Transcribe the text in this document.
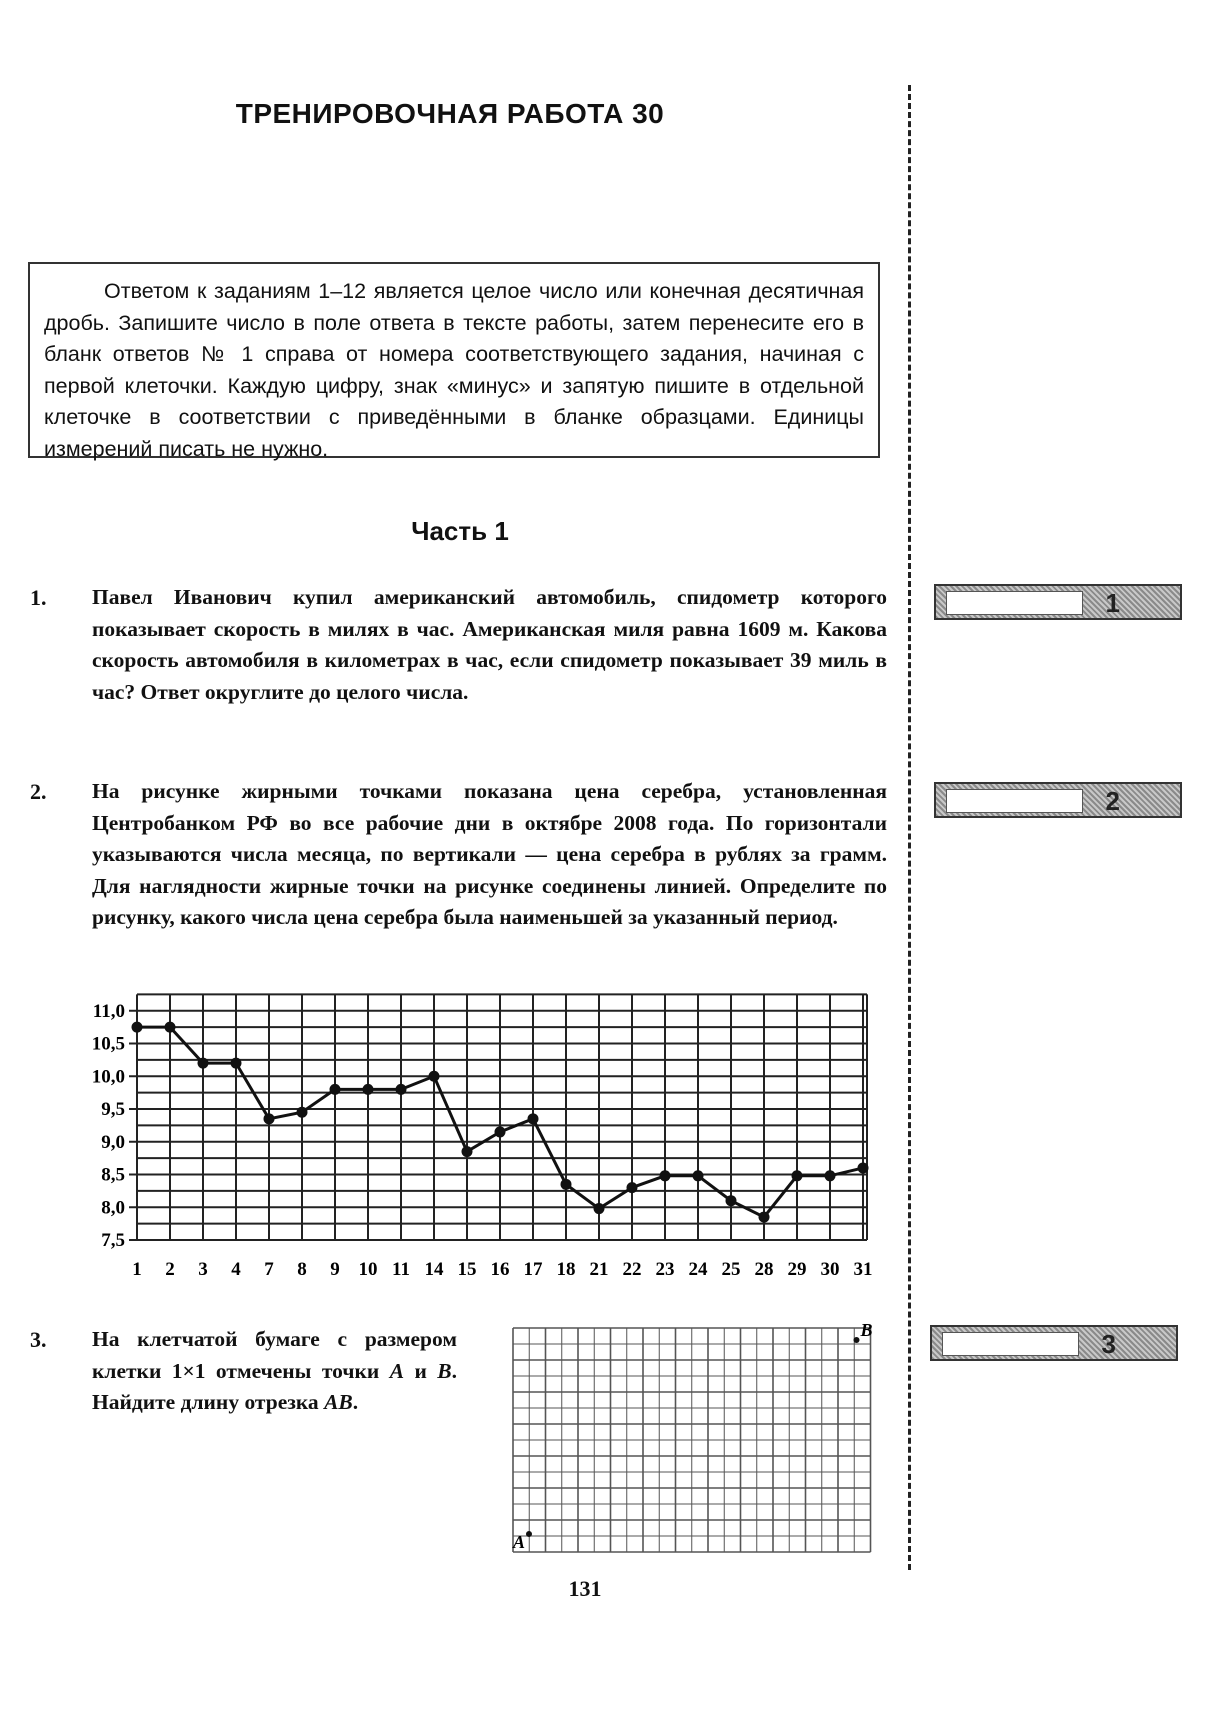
ТРЕНИРОВОЧНАЯ РАБОТА 30
Ответом к заданиям 1–12 является целое число или конечная десятичная дробь. Запишите число в поле ответа в тексте работы, затем перенесите его в бланк ответов № 1 справа от номера соответствующего задания, начиная с первой клеточки. Каждую цифру, знак «минус» и запятую пишите в отдельной клеточке в соответствии с приведёнными в бланке образцами. Единицы измерений писать не нужно.
Часть 1
1. Павел Иванович купил американский автомобиль, спидометр которого показывает скорость в милях в час. Американская миля равна 1609 м. Какова скорость автомобиля в километрах в час, если спидометр показывает 39 миль в час? Ответ округлите до целого числа.
1
2. На рисунке жирными точками показана цена серебра, установленная Центробанком РФ во все рабочие дни в октябре 2008 года. По горизонтали указываются числа месяца, по вертикали — цена серебра в рублях за грамм. Для наглядности жирные точки на рисунке соединены линией. Определите по рисунку, какого числа цена серебра была наименьшей за указанный период.
2
11,0
10,5
10,0
9,5
9,0
8,5
8,0
7,5
1 2 3 4 7 8 9 10 11 14 15 16 17 18 21 22 23 24 25 28 29 30 31
3. На клетчатой бумаге с размером клетки 1×1 отмечены точки A и B. Найдите длину отрезка AB.
3
A
B
131
